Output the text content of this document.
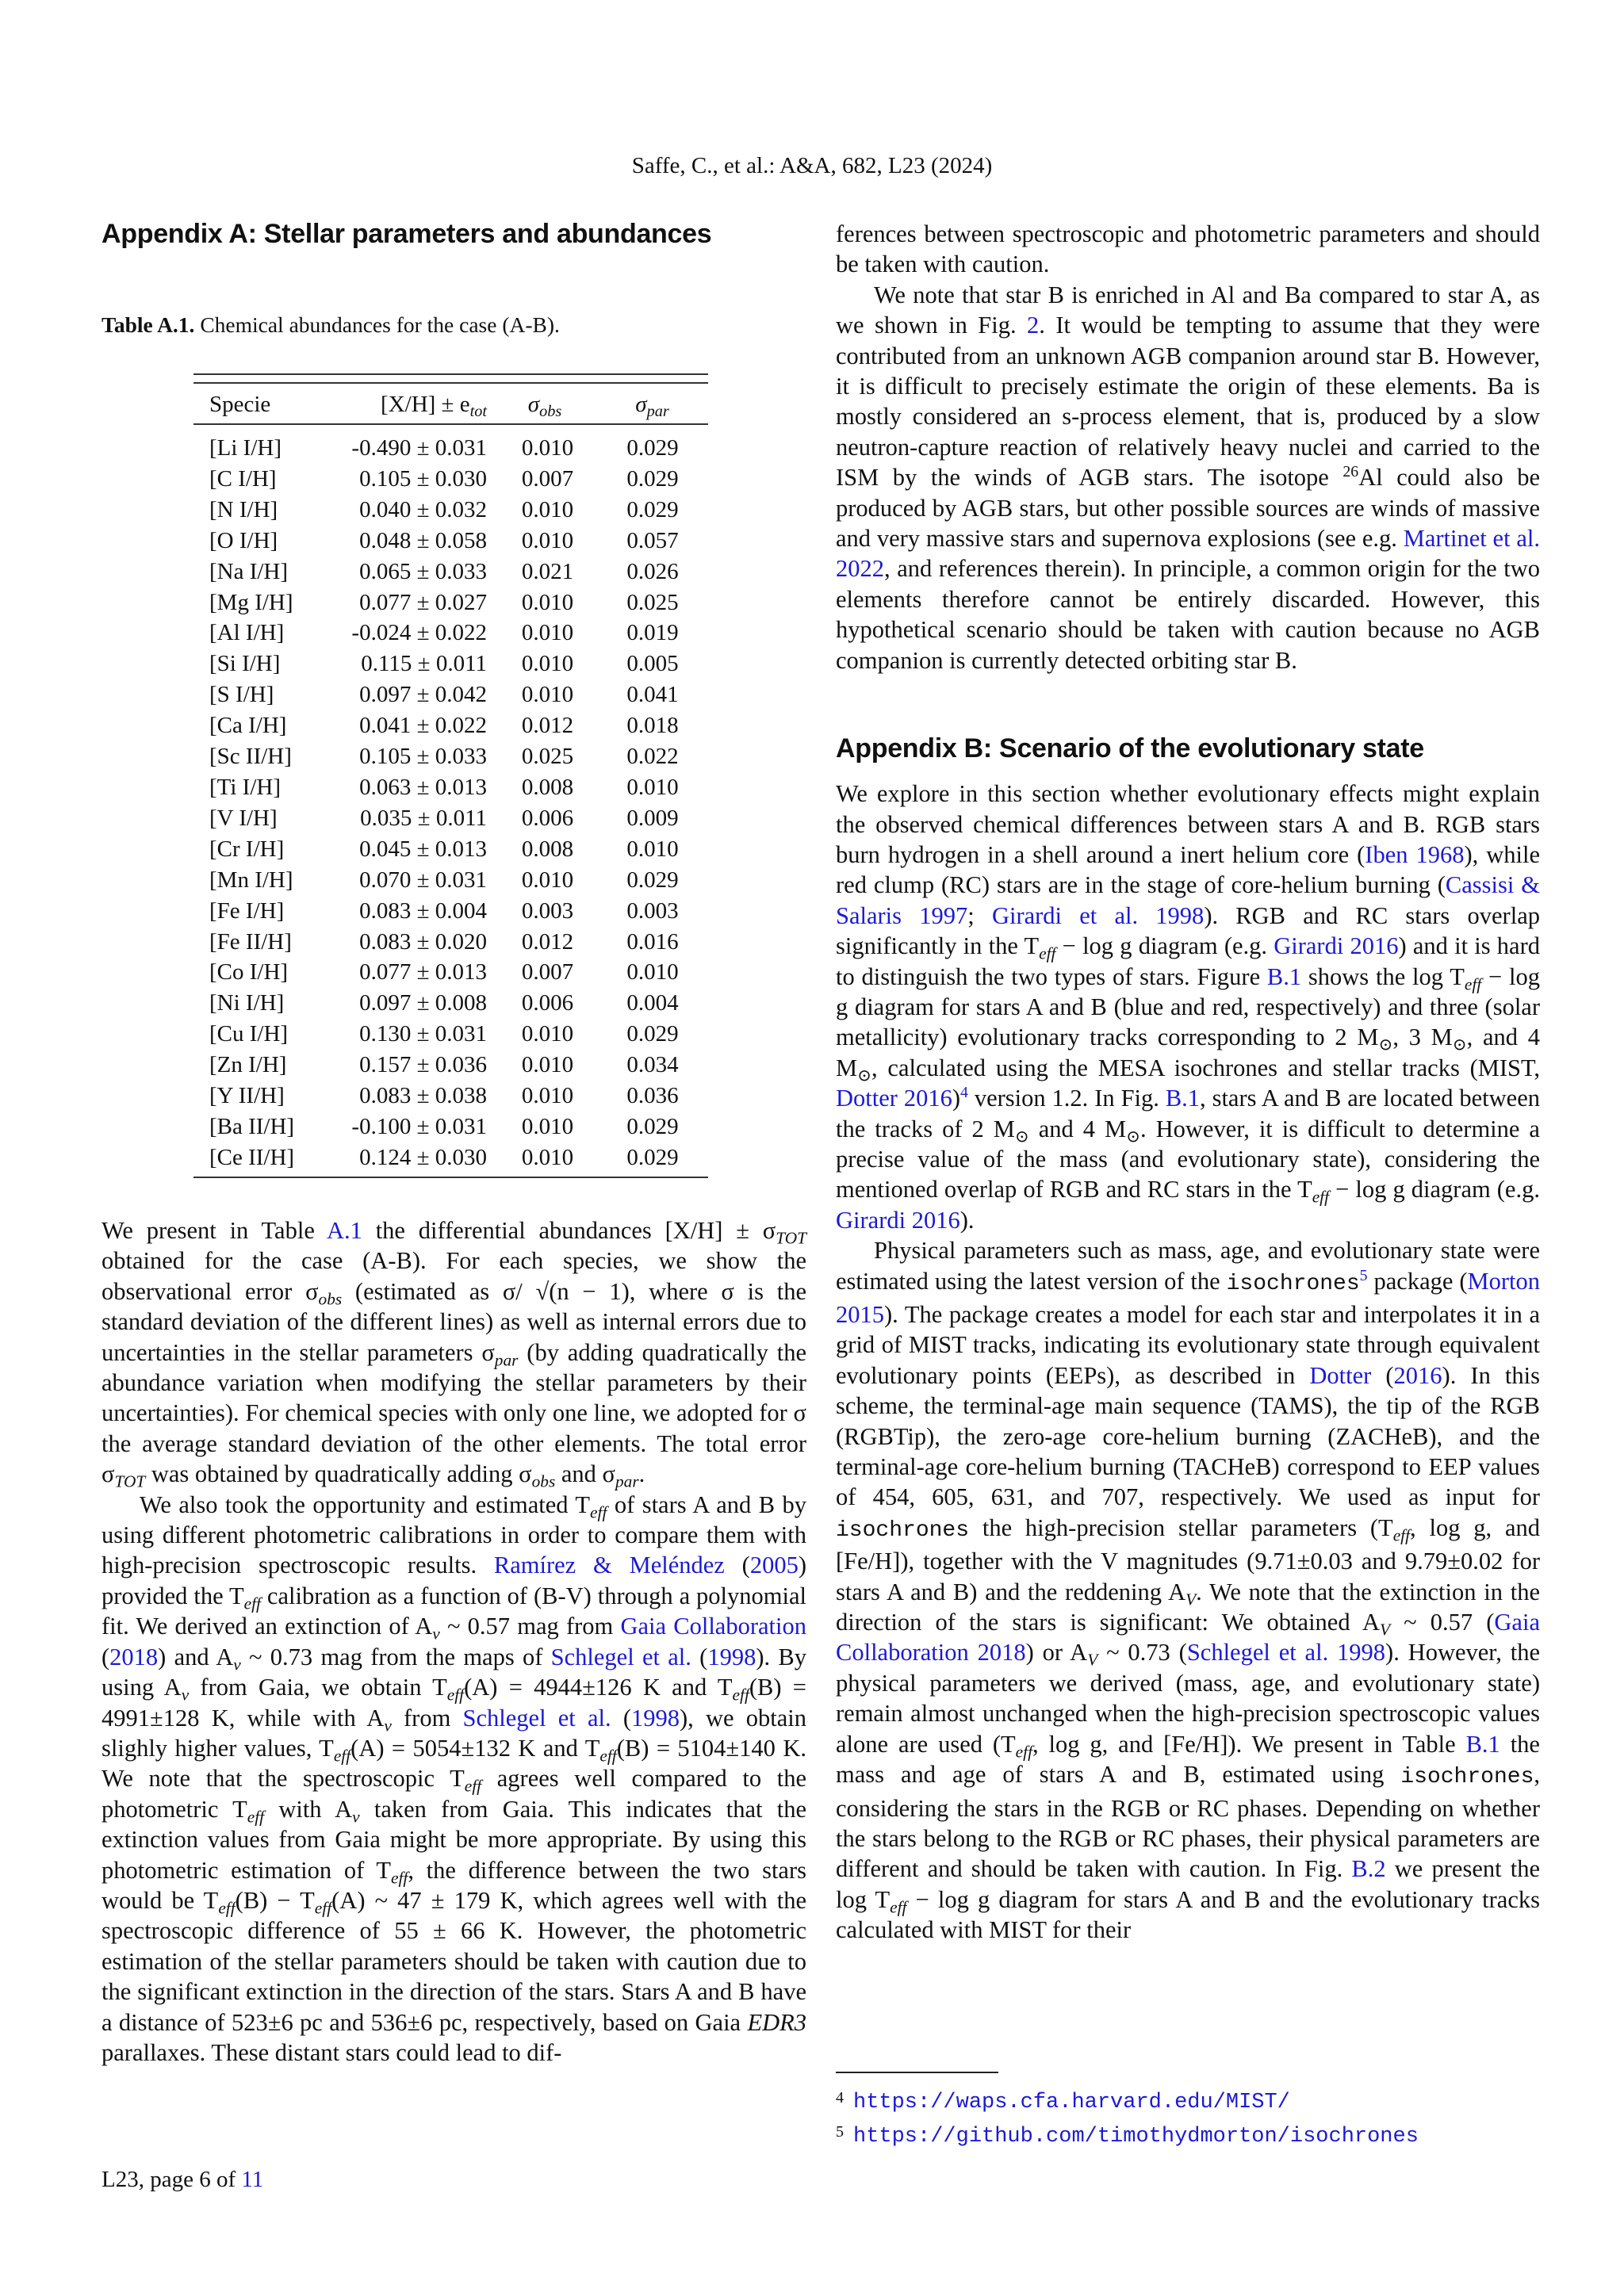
Saffe, C., et al.: A&A, 682, L23 (2024)
Appendix A: Stellar parameters and abundances
Table A.1. Chemical abundances for the case (A-B).
Specie	$[X/H] \pm e_{tot}$	$\sigma_{obs}$	$\sigma_{par}$
[Li I/H]	-0.490 ± 0.031	0.010	0.029
[C I/H]	0.105 ± 0.030	0.007	0.029
[N I/H]	0.040 ± 0.032	0.010	0.029
[O I/H]	0.048 ± 0.058	0.010	0.057
[Na I/H]	0.065 ± 0.033	0.021	0.026
[Mg I/H]	0.077 ± 0.027	0.010	0.025
[Al I/H]	-0.024 ± 0.022	0.010	0.019
[Si I/H]	0.115 ± 0.011	0.010	0.005
[S I/H]	0.097 ± 0.042	0.010	0.041
[Ca I/H]	0.041 ± 0.022	0.012	0.018
[Sc II/H]	0.105 ± 0.033	0.025	0.022
[Ti I/H]	0.063 ± 0.013	0.008	0.010
[V I/H]	0.035 ± 0.011	0.006	0.009
[Cr I/H]	0.045 ± 0.013	0.008	0.010
[Mn I/H]	0.070 ± 0.031	0.010	0.029
[Fe I/H]	0.083 ± 0.004	0.003	0.003
[Fe II/H]	0.083 ± 0.020	0.012	0.016
[Co I/H]	0.077 ± 0.013	0.007	0.010
[Ni I/H]	0.097 ± 0.008	0.006	0.004
[Cu I/H]	0.130 ± 0.031	0.010	0.029
[Zn I/H]	0.157 ± 0.036	0.010	0.034
[Y II/H]	0.083 ± 0.038	0.010	0.036
[Ba II/H]	-0.100 ± 0.031	0.010	0.029
[Ce II/H]	0.124 ± 0.030	0.010	0.029

We present in Table A.1 the differential abundances $[X/H] \pm \sigma_{TOT}$ obtained for the case (A-B). For each species, we show the observational error $\sigma_{obs}$ (estimated as σ/ √(n − 1), where σ is the standard deviation of the different lines) as well as internal errors due to uncertainties in the stellar parameters $\sigma_{par}$ (by adding quadratically the abundance variation when modifying the stellar parameters by their uncertainties). For chemical species with only one line, we adopted for σ the average standard deviation of the other elements. The total error $\sigma_{TOT}$ was obtained by quadratically adding $\sigma_{obs}$ and $\sigma_{par}$.

We also took the opportunity and estimated $T_{eff}$ of stars A and B by using different photometric calibrations in order to compare them with high-precision spectroscopic results. Ramírez & Meléndez (2005) provided the $T_{eff}$ calibration as a function of (B-V) through a polynomial fit. We derived an extinction of $A_v$ ~ 0.57 mag from Gaia Collaboration (2018) and $A_v$ ~ 0.73 mag from the maps of Schlegel et al. (1998). By using $A_v$ from Gaia, we obtain $T_{eff}(A) = 4944\pm 126$ K and $T_{eff}(B) = 4991\pm 128$ K, while with $A_v$ from Schlegel et al. (1998), we obtain slighly higher values, $T_{eff}(A) = 5054\pm 132$ K and $T_{eff}(B) = 5104\pm 140$ K. We note that the spectroscopic $T_{eff}$ agrees well compared to the photometric $T_{eff}$ with $A_v$ taken from Gaia. This indicates that the extinction values from Gaia might be more appropriate. By using this photometric estimation of $T_{eff}$, the difference between the two stars would be $T_{eff}(B) - T_{eff}(A)$ ~ 47 ± 179 K, which agrees well with the spectroscopic difference of 55 ± 66 K. However, the photometric estimation of the stellar parameters should be taken with caution due to the significant extinction in the direction of the stars. Stars A and B have a distance of 523±6 pc and 536±6 pc, respectively, based on Gaia EDR3 parallaxes. These distant stars could lead to dif-

L23, page 6 of 11

ferences between spectroscopic and photometric parameters and should be taken with caution.

We note that star B is enriched in Al and Ba compared to star A, as we shown in Fig. 2. It would be tempting to assume that they were contributed from an unknown AGB companion around star B. However, it is difficult to precisely estimate the origin of these elements. Ba is mostly considered an s-process element, that is, produced by a slow neutron-capture reaction of relatively heavy nuclei and carried to the ISM by the winds of AGB stars. The isotope $^{26}$Al could also be produced by AGB stars, but other possible sources are winds of massive and very massive stars and supernova explosions (see e.g. Martinet et al. 2022, and references therein). In principle, a common origin for the two elements therefore cannot be entirely discarded. However, this hypothetical scenario should be taken with caution because no AGB companion is currently detected orbiting star B.

Appendix B: Scenario of the evolutionary state

We explore in this section whether evolutionary effects might explain the observed chemical differences between stars A and B. RGB stars burn hydrogen in a shell around a inert helium core (Iben 1968), while red clump (RC) stars are in the stage of core-helium burning (Cassisi & Salaris 1997; Girardi et al. 1998). RGB and RC stars overlap significantly in the $T_{eff} - \log g$ diagram (e.g. Girardi 2016) and it is hard to distinguish the two types of stars. Figure B.1 shows the $\log T_{eff} - \log g$ diagram for stars A and B (blue and red, respectively) and three (solar metallicity) evolutionary tracks corresponding to 2 $M_⊙$, 3 $M_⊙$, and 4 $M_⊙$, calculated using the MESA isochrones and stellar tracks (MIST, Dotter 2016)$^4$ version 1.2. In Fig. B.1, stars A and B are located between the tracks of 2 $M_⊙$ and 4 $M_⊙$. However, it is difficult to determine a precise value of the mass (and evolutionary state), considering the mentioned overlap of RGB and RC stars in the $T_{eff} - \log g$ diagram (e.g. Girardi 2016).

Physical parameters such as mass, age, and evolutionary state were estimated using the latest version of the isochrones$^5$ package (Morton 2015). The package creates a model for each star and interpolates it in a grid of MIST tracks, indicating its evolutionary state through equivalent evolutionary points (EEPs), as described in Dotter (2016). In this scheme, the terminal-age main sequence (TAMS), the tip of the RGB (RGBTip), the zero-age core-helium burning (ZACHeB), and the terminal-age core-helium burning (TACHeB) correspond to EEP values of 454, 605, 631, and 707, respectively. We used as input for isochrones the high-precision stellar parameters ($T_{eff}$, log g, and [Fe/H]), together with the V magnitudes (9.71±0.03 and 9.79±0.02 for stars A and B) and the reddening $A_V$. We note that the extinction in the direction of the stars is significant: We obtained $A_V$ ~ 0.57 (Gaia Collaboration 2018) or $A_V$ ~ 0.73 (Schlegel et al. 1998). However, the physical parameters we derived (mass, age, and evolutionary state) remain almost unchanged when the high-precision spectroscopic values alone are used ($T_{eff}$, log g, and [Fe/H]). We present in Table B.1 the mass and age of stars A and B, estimated using isochrones, considering the stars in the RGB or RC phases. Depending on whether the stars belong to the RGB or RC phases, their physical parameters are different and should be taken with caution. In Fig. B.2 we present the $\log T_{eff} - \log g$ diagram for stars A and B and the evolutionary tracks calculated with MIST for their

4 https://waps.cfa.harvard.edu/MIST/
5 https://github.com/timothydmorton/isochrones
